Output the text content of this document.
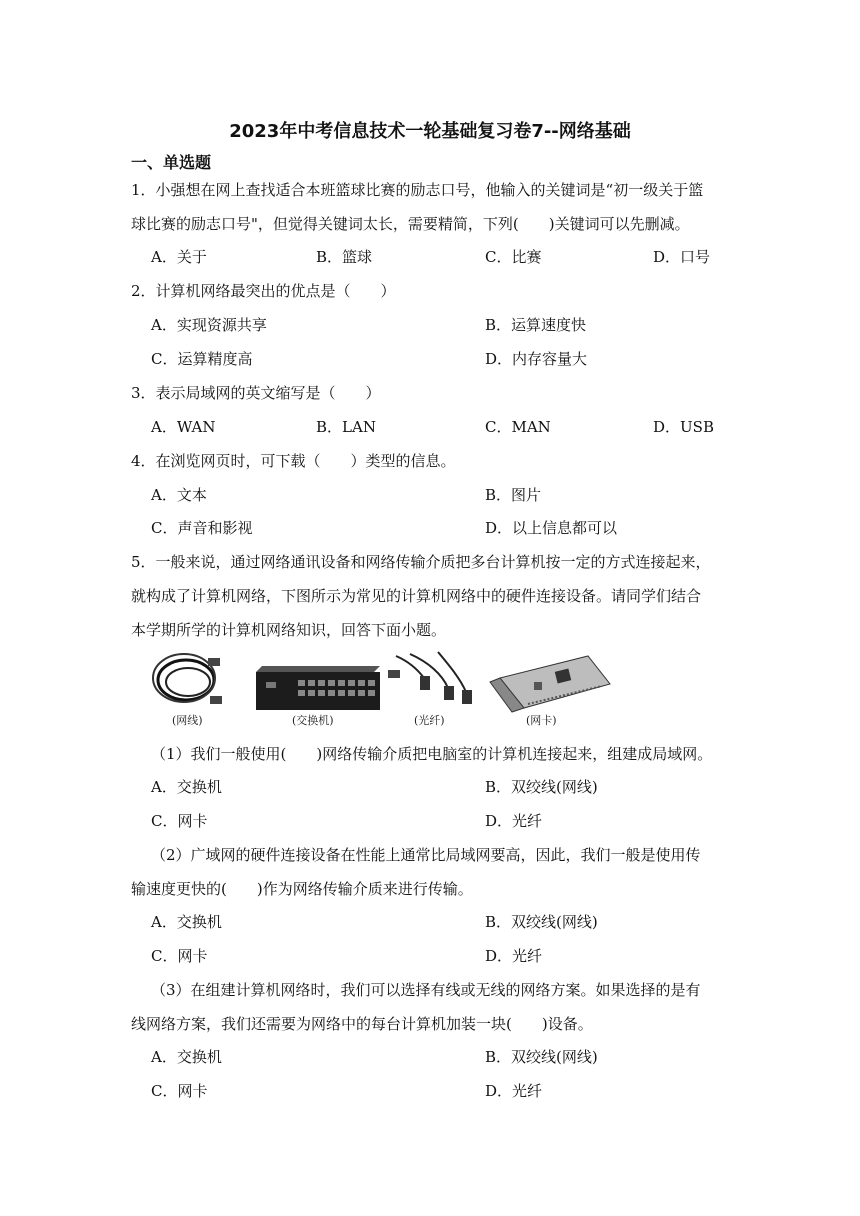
2023年中考信息技术一轮基础复习卷7--网络基础
一、单选题
1．小强想在网上查找适合本班篮球比赛的励志口号，他输入的关键词是“初一级关于篮
球比赛的励志口号"，但觉得关键词太长，需要精简，下列(　　)关键词可以先删减。
A．关于	B．篮球	C．比赛	D．口号
2．计算机网络最突出的优点是（　　）
A．实现资源共享	B．运算速度快
C．运算精度高	D．内存容量大
3．表示局域网的英文缩写是（　　）
A．WAN	B．LAN	C．MAN	D．USB
4．在浏览网页时，可下载（　　）类型的信息。
A．文本	B．图片
C．声音和影视	D．以上信息都可以
5．一般来说，通过网络通讯设备和网络传输介质把多台计算机按一定的方式连接起来，
就构成了计算机网络，下图所示为常见的计算机网络中的硬件连接设备。请同学们结合
本学期所学的计算机网络知识，回答下面小题。
(网线)	(交换机)	(光纤)	(网卡)
（1）我们一般使用(　　)网络传输介质把电脑室的计算机连接起来，组建成局域网。
A．交换机	B．双绞线(网线)
C．网卡	D．光纤
（2）广域网的硬件连接设备在性能上通常比局域网要高，因此，我们一般是使用传
输速度更快的(　　)作为网络传输介质来进行传输。
A．交换机	B．双绞线(网线)
C．网卡	D．光纤
（3）在组建计算机网络时，我们可以选择有线或无线的网络方案。如果选择的是有
线网络方案，我们还需要为网络中的每台计算机加装一块(　　)设备。
A．交换机	B．双绞线(网线)
C．网卡	D．光纤
